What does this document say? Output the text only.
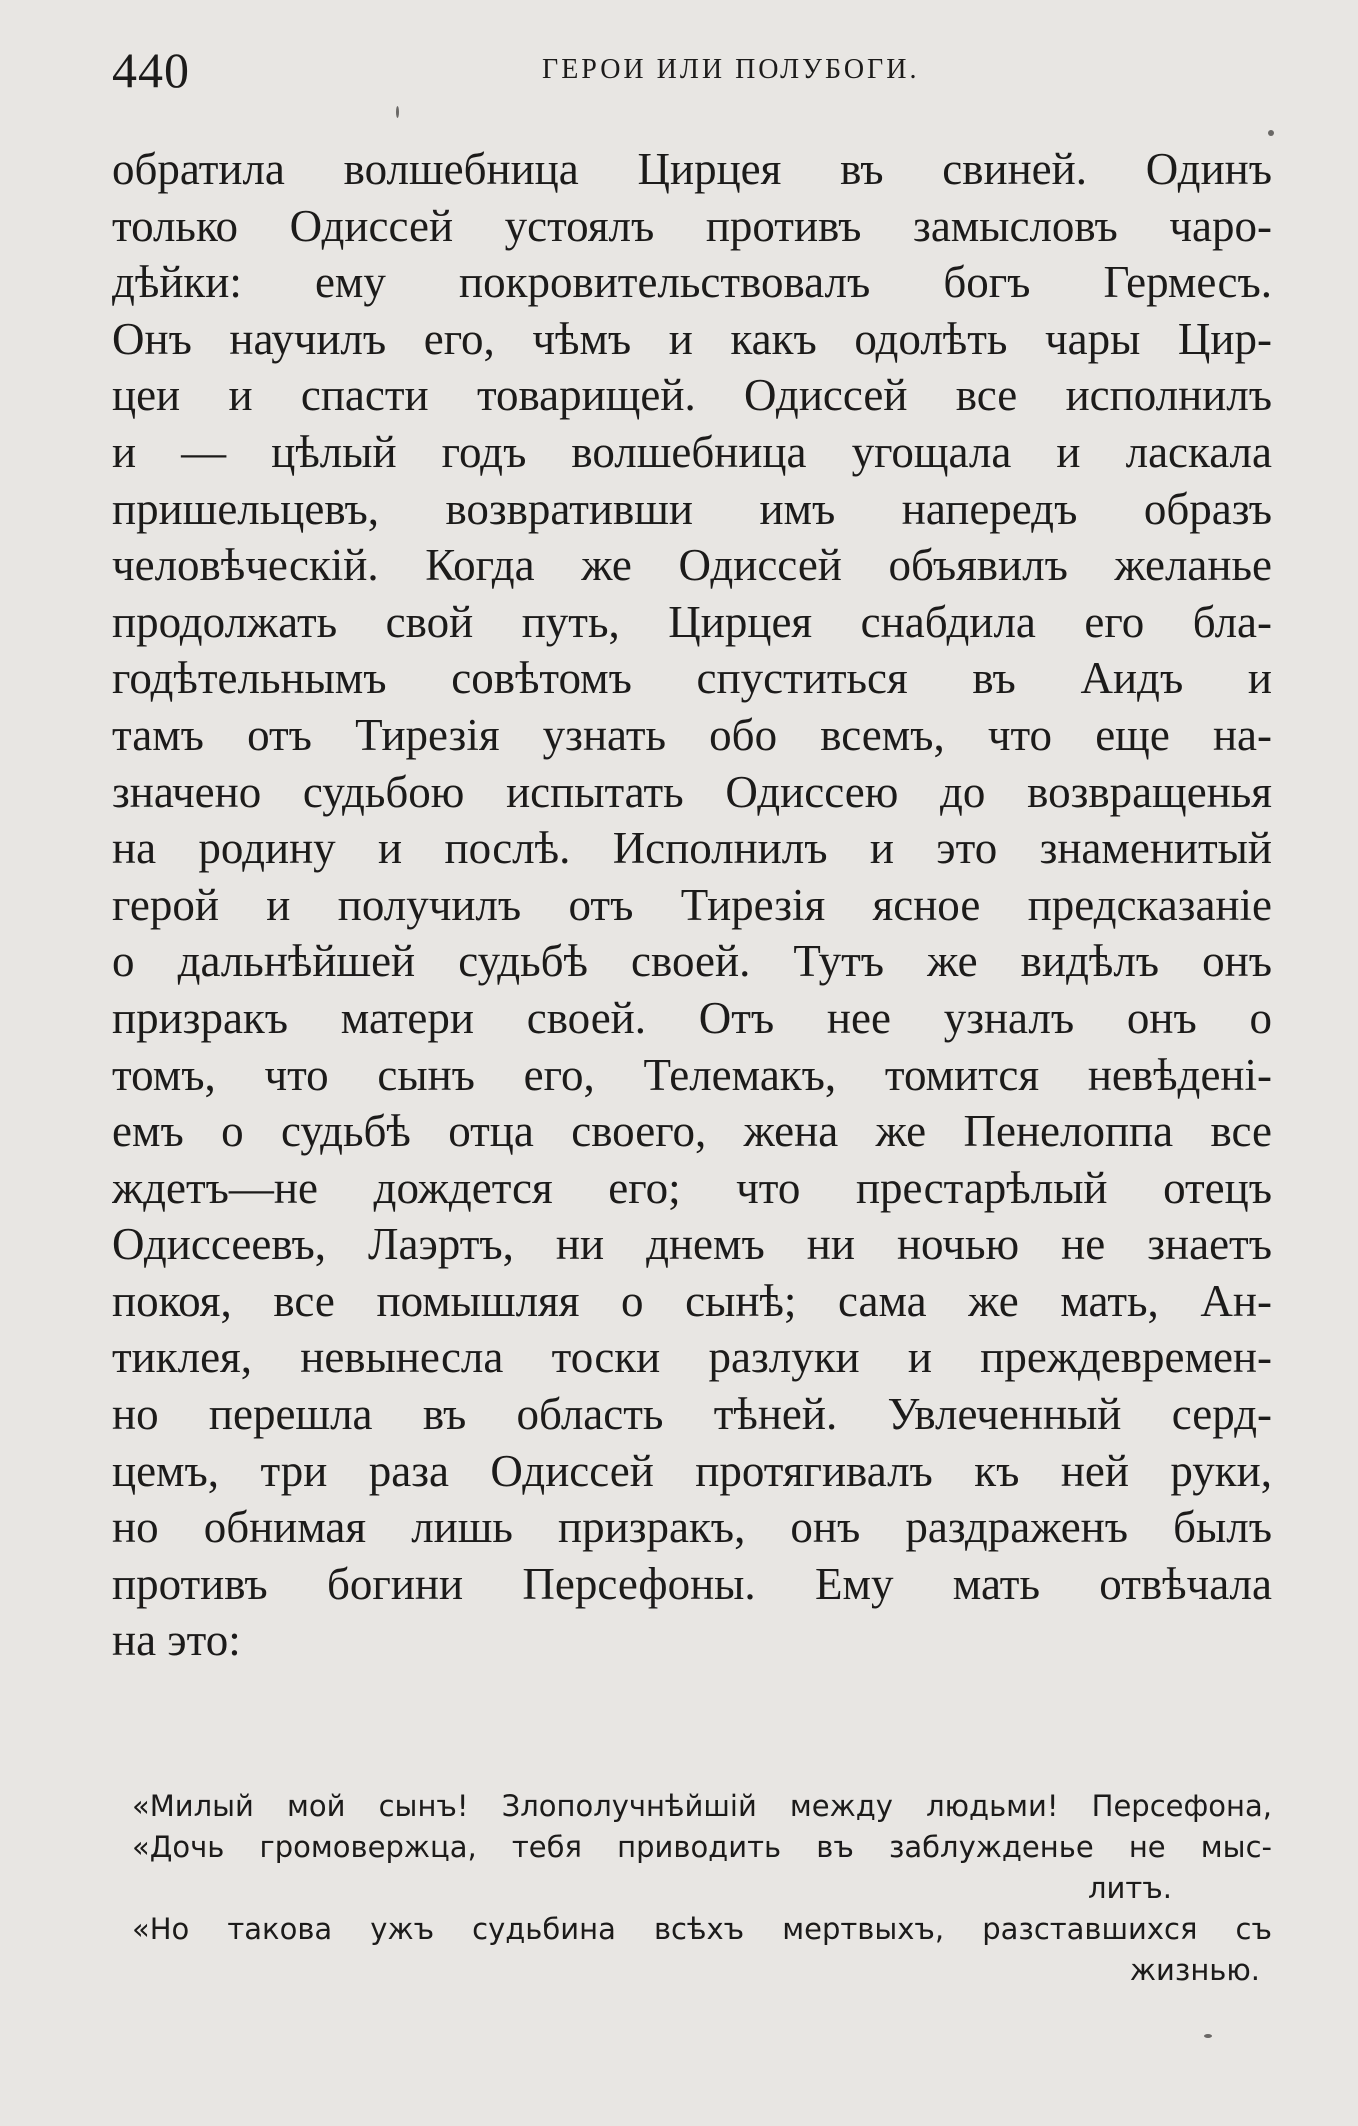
440	ГЕРОИ ИЛИ ПОЛУБОГИ.
обратила волшебница Цирцея въ свиней. Одинъ
только Одиссей устоялъ противъ замысловъ чаро-
дѣйки: ему покровительствовалъ богъ Гермесъ.
Онъ научилъ его, чѣмъ и какъ одолѣть чары Цир-
цеи и спасти товарищей. Одиссей все исполнилъ
и — цѣлый годъ волшебница угощала и ласкала
пришельцевъ, возвративши имъ напередъ образъ
человѣческій. Когда же Одиссей объявилъ желанье
продолжать свой путь, Цирцея снабдила его бла-
годѣтельнымъ совѣтомъ спуститься въ Аидъ и
тамъ отъ Тирезія узнать обо всемъ, что еще на-
значено судьбою испытать Одиссею до возвращенья
на родину и послѣ. Исполнилъ и это знаменитый
герой и получилъ отъ Тирезія ясное предсказаніе
о дальнѣйшей судьбѣ своей. Тутъ же видѣлъ онъ
призракъ матери своей. Отъ нее узналъ онъ о
томъ, что сынъ его, Телемакъ, томится невѣденi-
емъ о судьбѣ отца своего, жена же Пенелоппа все
ждетъ—не дождется его; что престарѣлый отецъ
Одиссеевъ, Лаэртъ, ни днемъ ни ночью не знаетъ
покоя, все помышляя о сынѣ; сама же мать, Ан-
тиклея, невынесла тоски разлуки и преждевремен-
но перешла въ область тѣней. Увлеченный серд-
цемъ, три раза Одиссей протягивалъ къ ней руки,
но обнимая лишь призракъ, онъ раздраженъ былъ
противъ богини Персефоны. Ему мать отвѣчала
на это:
«Милый мой сынъ! Злополучнѣйшій между людьми! Персефона,
«Дочь громовержца, тебя приводить въ заблужденье не мыс-
литъ.
«Но такова ужъ судьбина всѣхъ мертвыхъ, разставшихся съ
жизнью.
